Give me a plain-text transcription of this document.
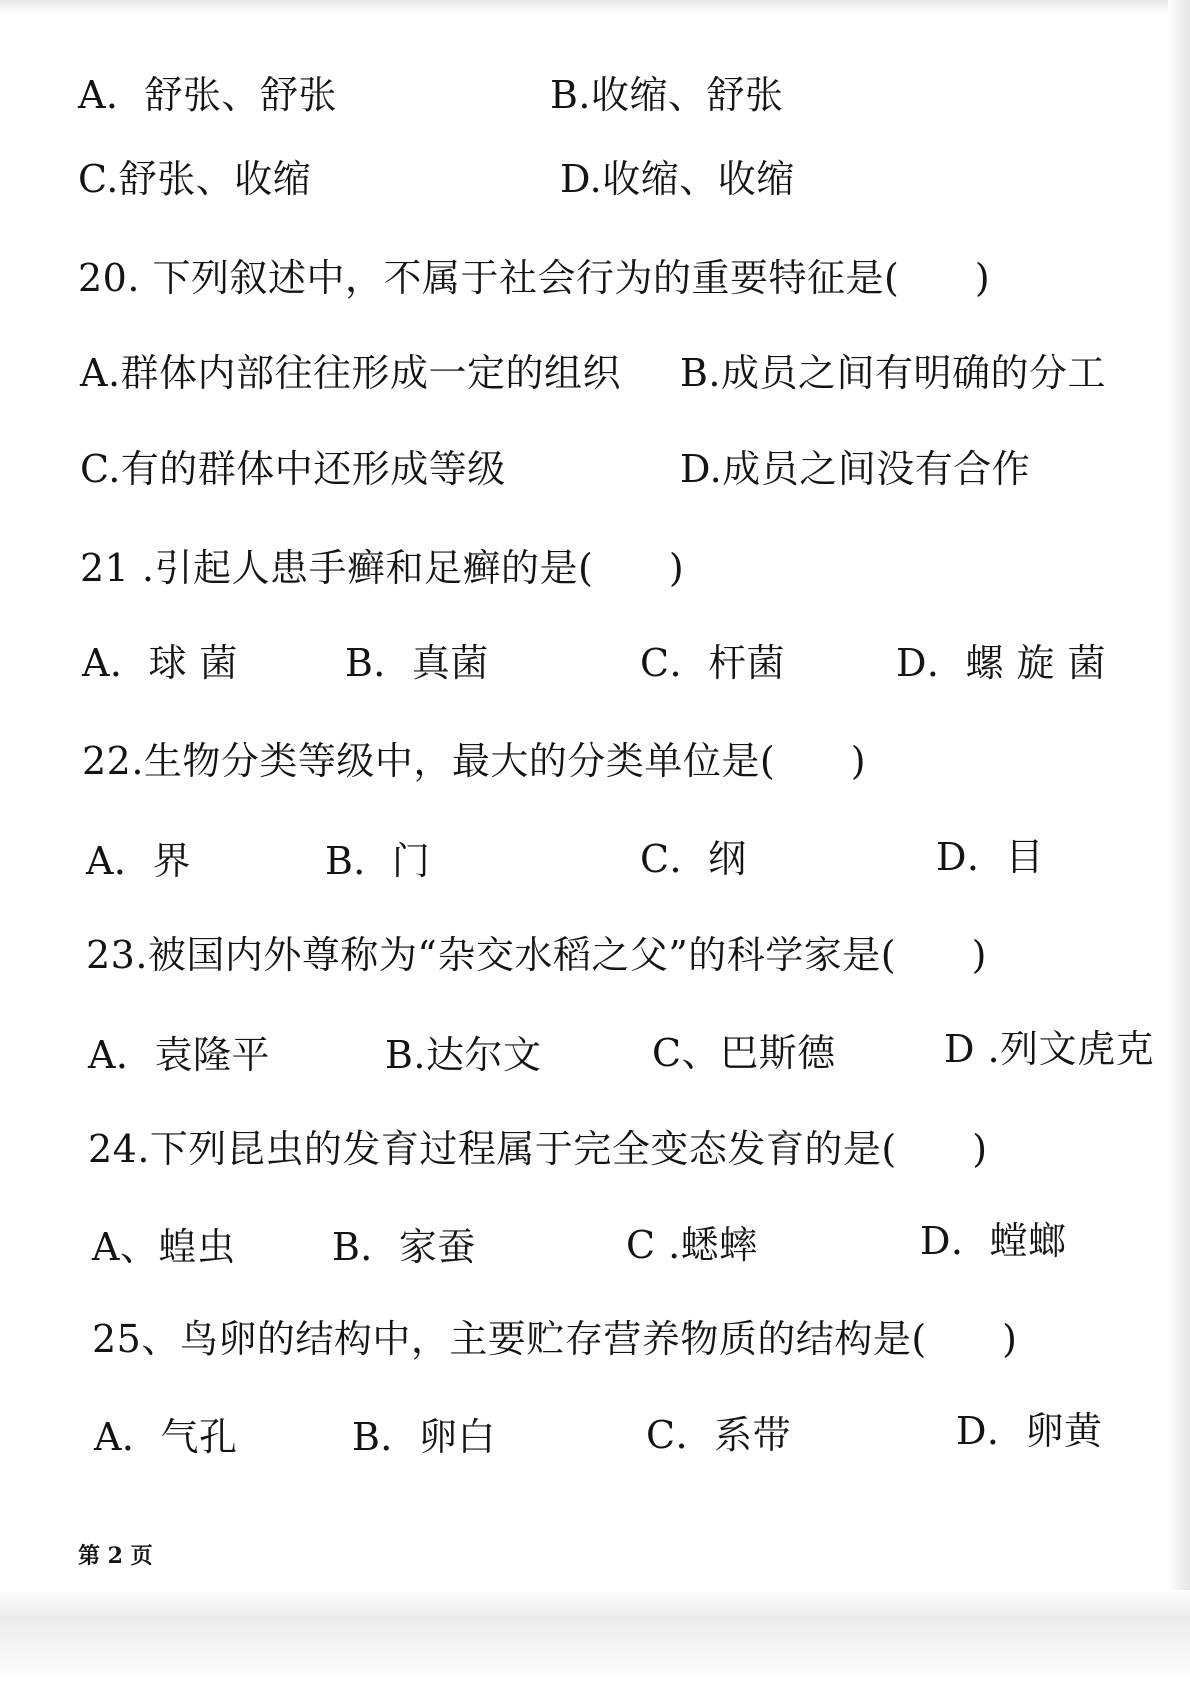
A．舒张、舒张	B.收缩、舒张
C.舒张、收缩	D.收缩、收缩
20. 下列叙述中，不属于社会行为的重要特征是(      )
A.群体内部往往形成一定的组织 B.成员之间有明确的分工
C.有的群体中还形成等级	D.成员之间没有合作
21 .引起人患手癣和足癣的是(      )
A．球 菌	B．真菌	C．杆菌	D．螺 旋 菌
22.生物分类等级中，最大的分类单位是(      )
A．界	B．门	C．纲	D．目
23.被国内外尊称为“杂交水稻之父”的科学家是(      )
A．袁隆平	B.达尔文	C、巴斯德	D .列文虎克
24.下列昆虫的发育过程属于完全变态发育的是(      )
A、蝗虫	B．家蚕	C .蟋蟀	D．螳螂
25、鸟卵的结构中，主要贮存营养物质的结构是(      )
A．气孔	B．卵白	C．系带	D．卵黄
第 2 页
